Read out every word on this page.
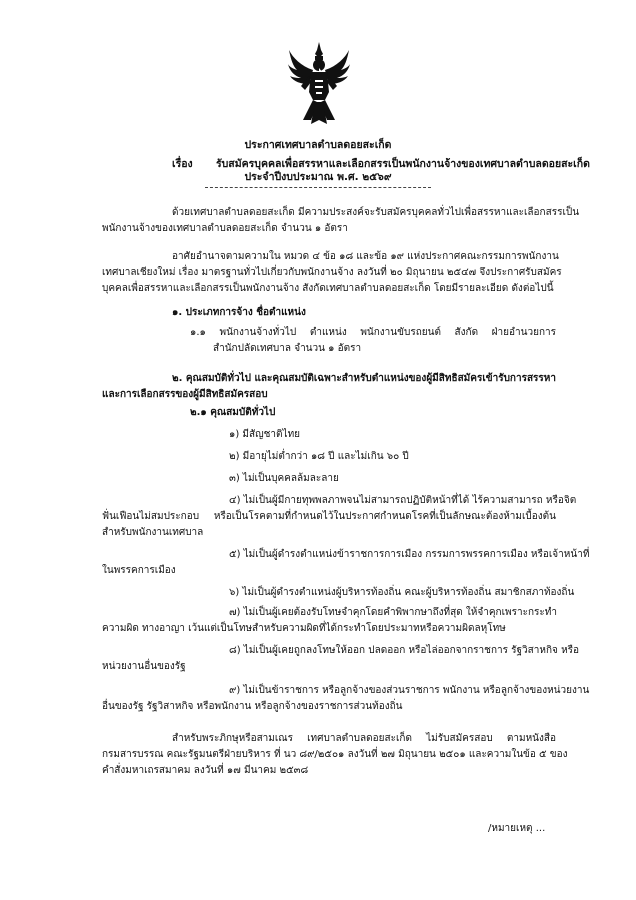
ประกาศเทศบาลตำบลดอยสะเก็ด
เรื่อง รับสมัครบุคคลเพื่อสรรหาและเลือกสรรเป็นพนักงานจ้างของเทศบาลตำบลดอยสะเก็ด
ประจำปีงบประมาณ พ.ศ. ๒๕๖๙
ด้วยเทศบาลตำบลดอยสะเก็ด มีความประสงค์จะรับสมัครบุคคลทั่วไปเพื่อสรรหาและเลือกสรรเป็น
พนักงานจ้างของเทศบาลตำบลดอยสะเก็ด จำนวน ๑ อัตรา
อาศัยอำนาจตามความใน หมวด ๔ ข้อ ๑๘ และข้อ ๑๙ แห่งประกาศคณะกรรมการพนักงาน
เทศบาลเชียงใหม่ เรื่อง มาตรฐานทั่วไปเกี่ยวกับพนักงานจ้าง ลงวันที่ ๒๐ มิถุนายน ๒๕๔๗ จึงประกาศรับสมัคร
บุคคลเพื่อสรรหาและเลือกสรรเป็นพนักงานจ้าง สังกัดเทศบาลตำบลดอยสะเก็ด โดยมีรายละเอียด ดังต่อไปนี้
๑. ประเภทการจ้าง ชื่อตำแหน่ง
๑.๑ พนักงานจ้างทั่วไป ตำแหน่ง พนักงานขับรถยนต์ สังกัด ฝ่ายอำนวยการ
สำนักปลัดเทศบาล จำนวน ๑ อัตรา
๒. คุณสมบัติทั่วไป และคุณสมบัติเฉพาะสำหรับตำแหน่งของผู้มีสิทธิสมัครเข้ารับการสรรหา
และการเลือกสรรของผู้มีสิทธิสมัครสอบ
๒.๑ คุณสมบัติทั่วไป
๑) มีสัญชาติไทย
๒) มีอายุไม่ต่ำกว่า ๑๘ ปี และไม่เกิน ๖๐ ปี
๓) ไม่เป็นบุคคลล้มละลาย
๔) ไม่เป็นผู้มีกายทุพพลภาพจนไม่สามารถปฏิบัติหน้าที่ได้ ไร้ความสามารถ หรือจิต
ฟั่นเฟือนไม่สมประกอบ หรือเป็นโรคตามที่กำหนดไว้ในประกาศกำหนดโรคที่เป็นลักษณะต้องห้ามเบื้องต้น
สำหรับพนักงานเทศบาล
๕) ไม่เป็นผู้ดำรงตำแหน่งข้าราชการการเมือง กรรมการพรรคการเมือง หรือเจ้าหน้าที่
ในพรรคการเมือง
๖) ไม่เป็นผู้ดำรงตำแหน่งผู้บริหารท้องถิ่น คณะผู้บริหารท้องถิ่น สมาชิกสภาท้องถิ่น
๗) ไม่เป็นผู้เคยต้องรับโทษจำคุกโดยคำพิพากษาถึงที่สุด ให้จำคุกเพราะกระทำ
ความผิด ทางอาญา เว้นแต่เป็นโทษสำหรับความผิดที่ได้กระทำโดยประมาทหรือความผิดลหุโทษ
๘) ไม่เป็นผู้เคยถูกลงโทษให้ออก ปลดออก หรือไล่ออกจากราชการ รัฐวิสาหกิจ หรือ
หน่วยงานอื่นของรัฐ
๙) ไม่เป็นข้าราชการ หรือลูกจ้างของส่วนราชการ พนักงาน หรือลูกจ้างของหน่วยงาน
อื่นของรัฐ รัฐวิสาหกิจ หรือพนักงาน หรือลูกจ้างของราชการส่วนท้องถิ่น
สำหรับพระภิกษุหรือสามเณร เทศบาลตำบลดอยสะเก็ด ไม่รับสมัครสอบ ตามหนังสือ
กรมสารบรรณ คณะรัฐมนตรีฝ่ายบริหาร ที่ นว ๘๙/๒๕๐๑ ลงวันที่ ๒๗ มิถุนายน ๒๕๐๑ และความในข้อ ๕ ของ
คำสั่งมหาเถรสมาคม ลงวันที่ ๑๗ มีนาคม ๒๕๓๘
/หมายเหตุ ...
